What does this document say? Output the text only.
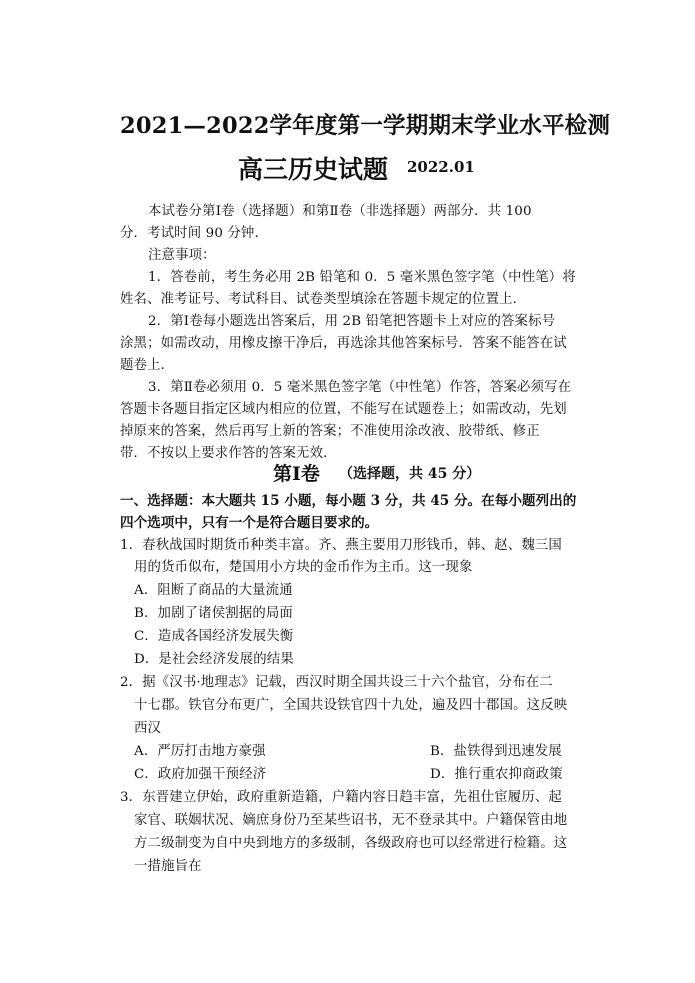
2021—2022学年度第一学期期末学业水平检测
高三历史试题 2022.01
本试卷分第Ⅰ卷（选择题）和第Ⅱ卷（非选择题）两部分．共 100
分．考试时间 90 分钟．
注意事项：
1．答卷前，考生务必用 2B 铅笔和 0．5 毫米黑色签字笔（中性笔）将
姓名、准考证号、考试科目、试卷类型填涂在答题卡规定的位置上．
2．第Ⅰ卷每小题选出答案后，用 2B 铅笔把答题卡上对应的答案标号
涂黑；如需改动，用橡皮擦干净后，再选涂其他答案标号．答案不能答在试
题卷上．
3．第Ⅱ卷必须用 0．5 毫米黑色签字笔（中性笔）作答，答案必须写在
答题卡各题目指定区域内相应的位置，不能写在试题卷上；如需改动，先划
掉原来的答案，然后再写上新的答案；不准使用涂改液、胶带纸、修正
带．不按以上要求作答的答案无效．
第Ⅰ卷 （选择题，共 45 分）
一、选择题：本大题共 15 小题，每小题 3 分，共 45 分。在每小题列出的
四个选项中，只有一个是符合题目要求的。
1．春秋战国时期货币种类丰富。齐、燕主要用刀形钱币，韩、赵、魏三国
用的货币似布，楚国用小方块的金币作为主币。这一现象
A．阻断了商品的大量流通
B．加剧了诸侯割据的局面
C．造成各国经济发展失衡
D．是社会经济发展的结果
2．据《汉书·地理志》记载，西汉时期全国共设三十六个盐官，分布在二
十七郡。铁官分布更广，全国共设铁官四十九处，遍及四十郡国。这反映
西汉
A．严厉打击地方豪强	B．盐铁得到迅速发展
C．政府加强干预经济	D．推行重农抑商政策
3．东晋建立伊始，政府重新造籍，户籍内容日趋丰富，先祖仕宦履历、起
家官、联姻状况、嫡庶身份乃至某些诏书，无不登录其中。户籍保管由地
方二级制变为自中央到地方的多级制，各级政府也可以经常进行检籍。这
一措施旨在
